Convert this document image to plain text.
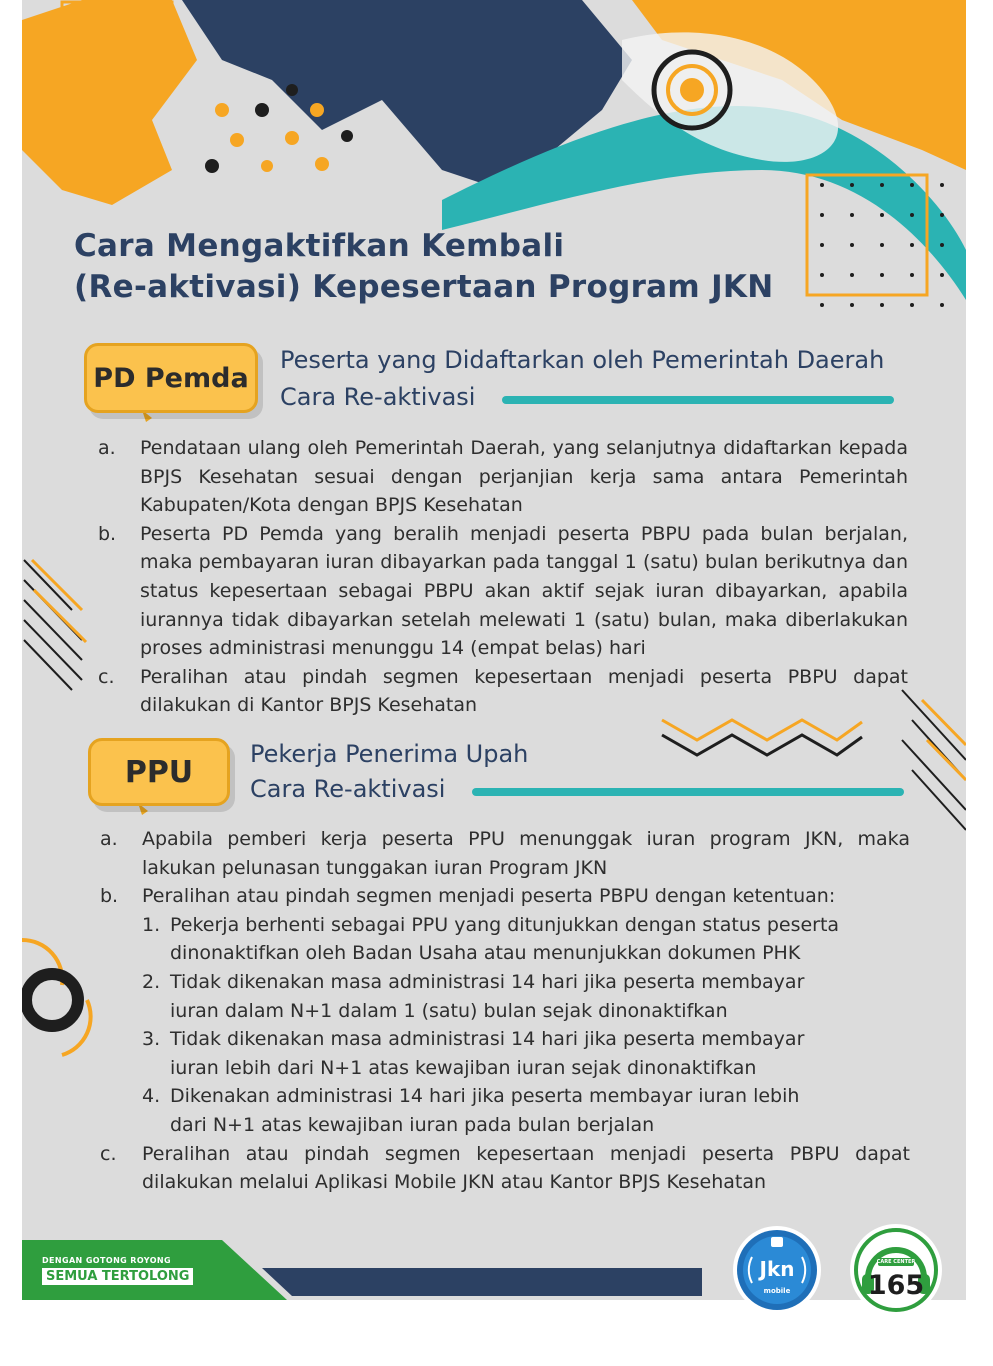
Cara Mengaktifkan Kembali
(Re-aktivasi) Kepesertaan Program JKN
PD Pemda
Peserta yang Didaftarkan oleh Pemerintah Daerah
Cara Re-aktivasi
a. Pendataan ulang oleh Pemerintah Daerah, yang selanjutnya didaftarkan kepada BPJS Kesehatan sesuai dengan perjanjian kerja sama antara Pemerintah Kabupaten/Kota dengan BPJS Kesehatan
b. Peserta PD Pemda yang beralih menjadi peserta PBPU pada bulan berjalan, maka pembayaran iuran dibayarkan pada tanggal 1 (satu) bulan berikutnya dan status kepesertaan sebagai PBPU akan aktif sejak iuran dibayarkan, apabila iurannya tidak dibayarkan setelah melewati 1 (satu) bulan, maka diberlakukan proses administrasi menunggu 14 (empat belas) hari
c. Peralihan atau pindah segmen kepesertaan menjadi peserta PBPU dapat dilakukan di Kantor BPJS Kesehatan
PPU
Pekerja Penerima Upah
Cara Re-aktivasi
a. Apabila pemberi kerja peserta PPU menunggak iuran program JKN, maka lakukan pelunasan tunggakan iuran Program JKN
b. Peralihan atau pindah segmen menjadi peserta PBPU dengan ketentuan:
1. Pekerja berhenti sebagai PPU yang ditunjukkan dengan status peserta dinonaktifkan oleh Badan Usaha atau menunjukkan dokumen PHK
2. Tidak dikenakan masa administrasi 14 hari jika peserta membayar iuran dalam N+1 dalam 1 (satu) bulan sejak dinonaktifkan
3. Tidak dikenakan masa administrasi 14 hari jika peserta membayar iuran lebih dari N+1 atas kewajiban iuran sejak dinonaktifkan
4. Dikenakan administrasi 14 hari jika peserta membayar iuran lebih dari N+1 atas kewajiban iuran pada bulan berjalan
c. Peralihan atau pindah segmen kepesertaan menjadi peserta PBPU dapat dilakukan melalui Aplikasi Mobile JKN atau Kantor BPJS Kesehatan
DENGAN GOTONG ROYONG
SEMUA TERTOLONG	Jkn
mobile
CARE CENTER
165
